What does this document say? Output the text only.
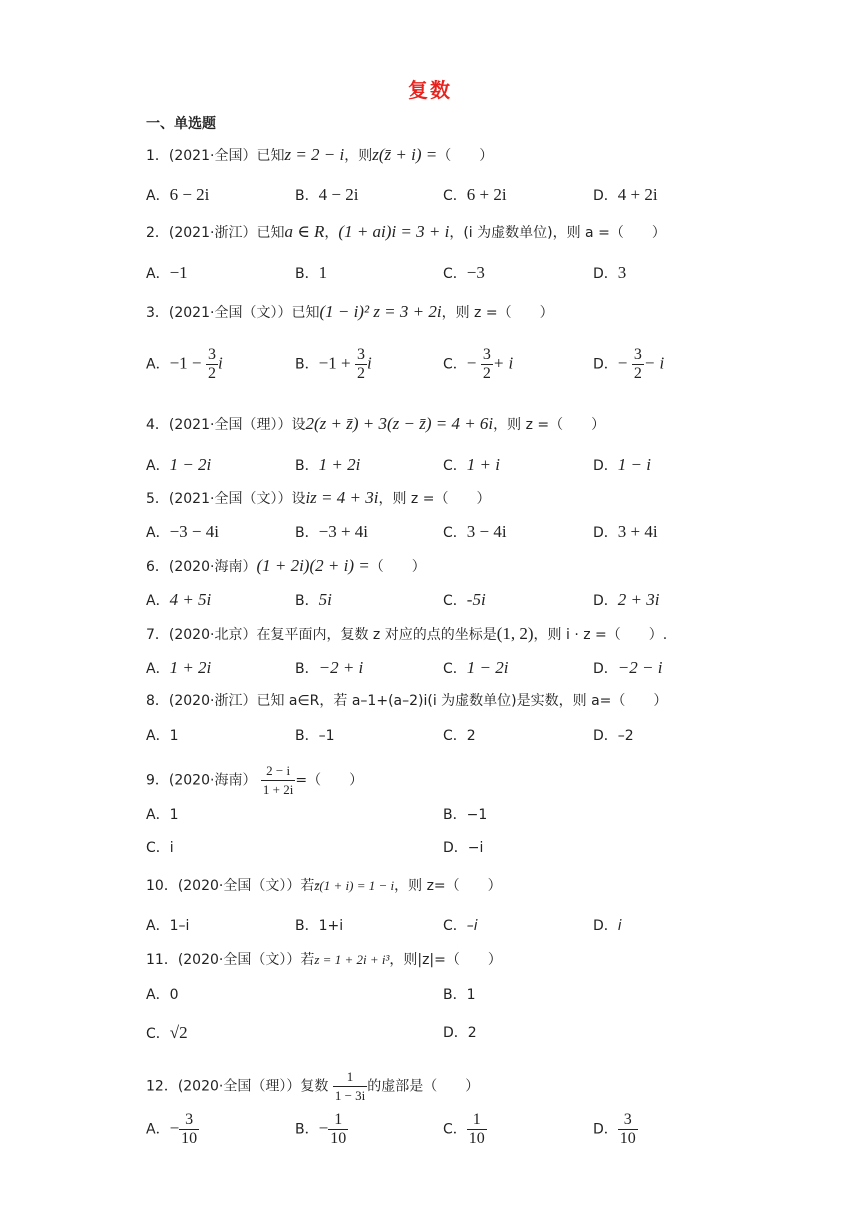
复数
一、单选题
1．(2021·全国）已知z = 2 − i，则z(z̄ + i) =（　　）
A．6 − 2i	B．4 − 2i	C．6 + 2i	D．4 + 2i
2．(2021·浙江）已知a ∈ R，(1 + ai)i = 3 + i，(i 为虚数单位)，则 a =（　　）
A．−1	B．1	C．−3	D．3
3．(2021·全国（文））已知(1 − i)² z = 3 + 2i，则 z =（　　）
A．$-1 - \frac{3}{2}$ i	B．$-1 + \frac{3}{2}$ i	C．− $\frac{3}{2} + i$	D．− $\frac{3}{2} - i$
4．(2021·全国（理））设2(z + z̄) + 3(z − z̄) = 4 + 6i，则 z =（　　）
A．1 − 2i	B．1 + 2i	C．1 + i	D．1 − i
5．(2021·全国（文））设iz = 4 + 3i，则 z =（　　）
A．−3 − 4i	B．−3 + 4i	C．3 − 4i	D．3 + 4i
6．(2020·海南）(1 + 2i)(2 + i) =（　　）
A．4 + 5i	B．5i	C．-5i	D．2 + 3i
7．(2020·北京）在复平面内，复数 z 对应的点的坐标是(1, 2)，则 i · z =（　　）.
A．1 + 2i	B．−2 + i	C．1 − 2i	D．−2 − i
8．(2020·浙江）已知 a∈R，若 a–1+(a–2)i(i 为虚数单位)是实数，则 a=（　　）
A．1	B．–1	C．2	D．–2
9．(2020·海南） $\frac{2 - i}{1 + 2i}$ =（　　）
A．1	B．−1
C．i	D．−i
10．(2020·全国（文））若z̄(1 + i) = 1 − i，则 z=（　　）
A．1–i	B．1+i	C．–i	D．i
11．(2020·全国（文））若z = 1 + 2i + i³，则|z|=（　　）
A．0	B．1
C．√2	D．2
12．(2020·全国（理））复数 $\frac{1}{1 - 3i}$ 的虚部是（　　）
A．− $\frac{3}{10}$	B．− $\frac{1}{10}$	C． $\frac{1}{10}$	D． $\frac{3}{10}$
